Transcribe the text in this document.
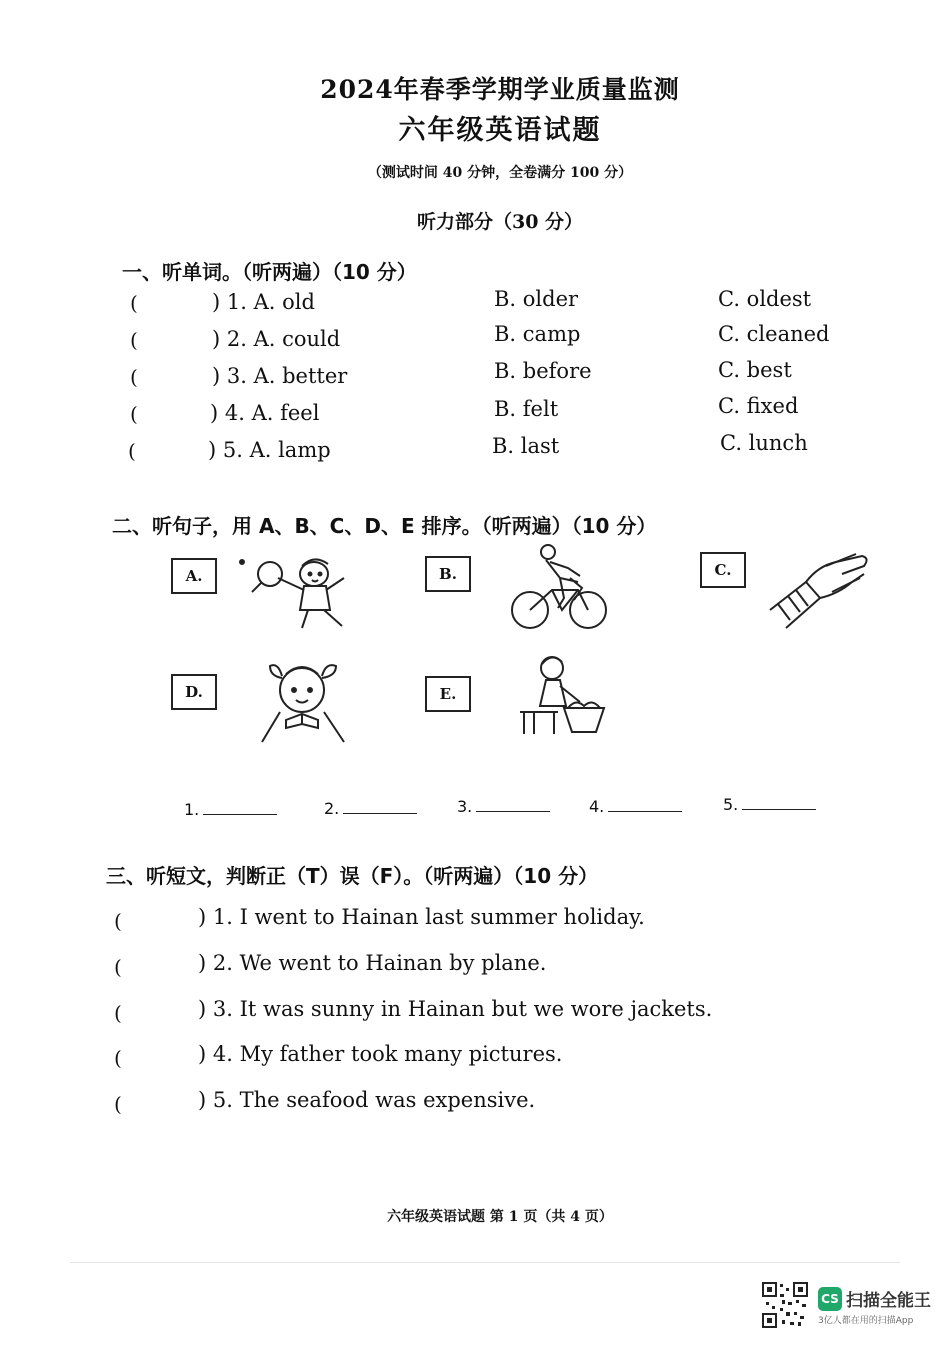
2024年春季学期学业质量监测
六年级英语试题
（测试时间 40 分钟，全卷满分 100 分）
听力部分（30 分）
一、听单词。（听两遍）（10 分）
(	) 1. A. old	B. older	C. oldest
(	) 2. A. could	B. camp	C. cleaned
(	) 3. A. better	B. before	C. best
(	) 4. A. feel	B. felt	C. fixed
(	) 5. A. lamp	B. last	C. lunch
二、听句子，用 A、B、C、D、E 排序。（听两遍）（10 分）
A.	B.	C.
D.	E.
1.	2.	3.	4.	5.
三、听短文，判断正（T）误（F）。（听两遍）（10 分）
(	) 1. I went to Hainan last summer holiday.
(	) 2. We went to Hainan by plane.
(	) 3. It was sunny in Hainan but we wore jackets.
(	) 4. My father took many pictures.
(	) 5. The seafood was expensive.
六年级英语试题 第 1 页（共 4 页）
CS 扫描全能王
3亿人都在用的扫描App
